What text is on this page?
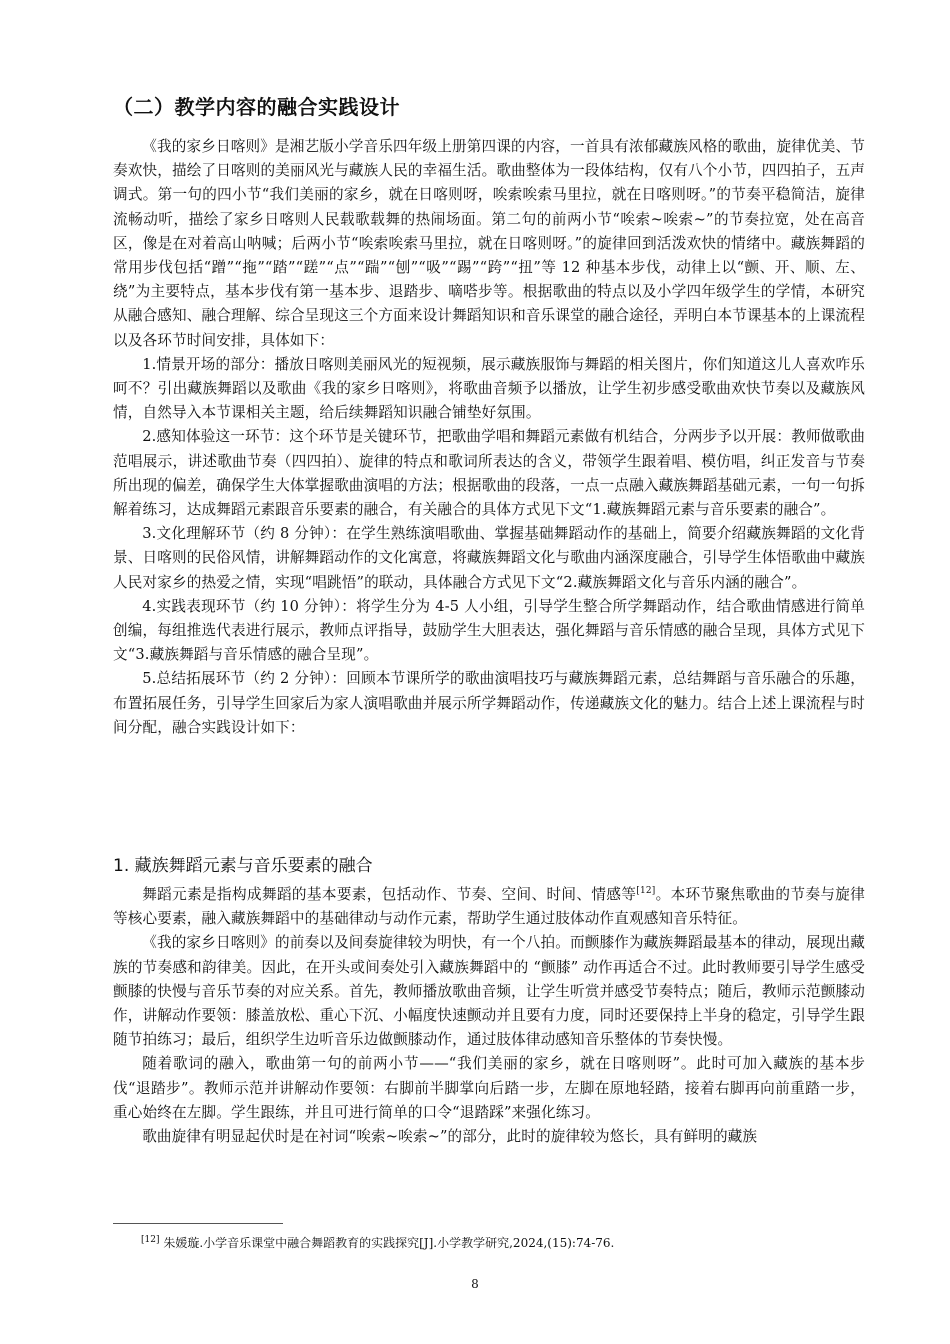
（二）教学内容的融合实践设计

《我的家乡日喀则》是湘艺版小学音乐四年级上册第四课的内容，一首具有浓郁藏族风格的歌曲，旋律优美、节奏欢快，描绘了日喀则的美丽风光与藏族人民的幸福生活。歌曲整体为一段体结构，仅有八个小节，四四拍子，五声调式。第一句的四小节“我们美丽的家乡，就在日喀则呀，唉索唉索马里拉，就在日喀则呀。”的节奏平稳简洁，旋律流畅动听，描绘了家乡日喀则人民载歌载舞的热闹场面。第二句的前两小节“唉索~唉索~”的节奏拉宽，处在高音区，像是在对着高山呐喊；后两小节“唉索唉索马里拉，就在日喀则呀。”的旋律回到活泼欢快的情绪中。藏族舞蹈的常用步伐包括“蹭”“拖”“踏”“蹉”“点”“踹”“刨”“吸”“踢”“跨”“扭”等 12 种基本步伐，动律上以“颤、开、顺、左、绕”为主要特点，基本步伐有第一基本步、退踏步、嘀嗒步等。根据歌曲的特点以及小学四年级学生的学情，本研究从融合感知、融合理解、综合呈现这三个方面来设计舞蹈知识和音乐课堂的融合途径，弄明白本节课基本的上课流程以及各环节时间安排，具体如下：

1.情景开场的部分：播放日喀则美丽风光的短视频，展示藏族服饰与舞蹈的相关图片，你们知道这儿人喜欢咋乐呵不？引出藏族舞蹈以及歌曲《我的家乡日喀则》，将歌曲音频予以播放，让学生初步感受歌曲欢快节奏以及藏族风情，自然导入本节课相关主题，给后续舞蹈知识融合铺垫好氛围。

2.感知体验这一环节：这个环节是关键环节，把歌曲学唱和舞蹈元素做有机结合，分两步予以开展：教师做歌曲范唱展示，讲述歌曲节奏（四四拍）、旋律的特点和歌词所表达的含义，带领学生跟着唱、模仿唱，纠正发音与节奏所出现的偏差，确保学生大体掌握歌曲演唱的方法；根据歌曲的段落，一点一点融入藏族舞蹈基础元素，一句一句拆解着练习，达成舞蹈元素跟音乐要素的融合，有关融合的具体方式见下文“1.藏族舞蹈元素与音乐要素的融合”。

3.文化理解环节（约 8 分钟）：在学生熟练演唱歌曲、掌握基础舞蹈动作的基础上，简要介绍藏族舞蹈的文化背景、日喀则的民俗风情，讲解舞蹈动作的文化寓意，将藏族舞蹈文化与歌曲内涵深度融合，引导学生体悟歌曲中藏族人民对家乡的热爱之情，实现“唱跳悟”的联动，具体融合方式见下文“2.藏族舞蹈文化与音乐内涵的融合”。

4.实践表现环节（约 10 分钟）：将学生分为 4-5 人小组，引导学生整合所学舞蹈动作，结合歌曲情感进行简单创编，每组推选代表进行展示，教师点评指导，鼓励学生大胆表达，强化舞蹈与音乐情感的融合呈现，具体方式见下文“3.藏族舞蹈与音乐情感的融合呈现”。

5.总结拓展环节（约 2 分钟）：回顾本节课所学的歌曲演唱技巧与藏族舞蹈元素，总结舞蹈与音乐融合的乐趣，布置拓展任务，引导学生回家后为家人演唱歌曲并展示所学舞蹈动作，传递藏族文化的魅力。结合上述上课流程与时间分配，融合实践设计如下：

1. 藏族舞蹈元素与音乐要素的融合

舞蹈元素是指构成舞蹈的基本要素，包括动作、节奏、空间、时间、情感等[12]。本环节聚焦歌曲的节奏与旋律等核心要素，融入藏族舞蹈中的基础律动与动作元素，帮助学生通过肢体动作直观感知音乐特征。

《我的家乡日喀则》的前奏以及间奏旋律较为明快，有一个八拍。而颤膝作为藏族舞蹈最基本的律动，展现出藏族的节奏感和韵律美。因此，在开头或间奏处引入藏族舞蹈中的 “颤膝” 动作再适合不过。此时教师要引导学生感受颤膝的快慢与音乐节奏的对应关系。首先，教师播放歌曲音频，让学生听赏并感受节奏特点；随后，教师示范颤膝动作，讲解动作要领：膝盖放松、重心下沉、小幅度快速颤动并且要有力度，同时还要保持上半身的稳定，引导学生跟随节拍练习；最后，组织学生边听音乐边做颤膝动作，通过肢体律动感知音乐整体的节奏快慢。

随着歌词的融入，歌曲第一句的前两小节——“我们美丽的家乡，就在日喀则呀”。此时可加入藏族的基本步伐“退踏步”。教师示范并讲解动作要领：右脚前半脚掌向后踏一步，左脚在原地轻踏，接着右脚再向前重踏一步，重心始终在左脚。学生跟练，并且可进行简单的口令“退踏踩”来强化练习。

歌曲旋律有明显起伏时是在衬词“唉索~唉索~”的部分，此时的旋律较为悠长，具有鲜明的藏族

[12] 朱媛璇.小学音乐课堂中融合舞蹈教育的实践探究[J].小学教学研究,2024,(15):74-76.
8
